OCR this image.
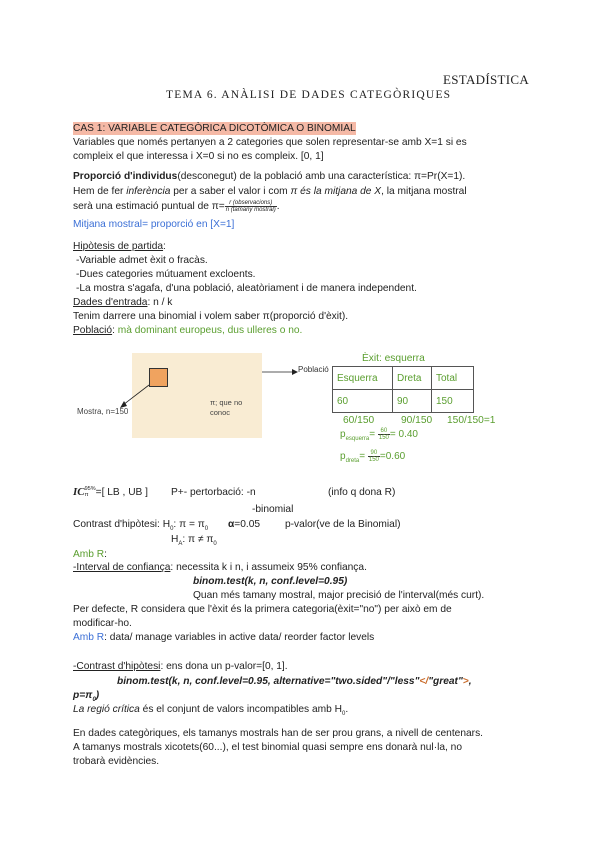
ESTADÍSTICA
TEMA 6. ANÀLISI DE DADES CATEGÒRIQUES
CAS 1: VARIABLE CATEGÒRICA DICOTÒMICA O BINOMIAL
Variables que només pertanyen a 2 categories que solen representar-se amb X=1 si es
compleix el que interessa i X=0 si no es compleix. [0, 1]
Proporció d'individus(desconegut) de la població amb una característica: π=Pr(X=1).
Hem de fer inferència per a saber el valor i com π és la mitjana de X, la mitjana mostral
serà una estimació puntual de $\pi= \frac{\text{r (observacions)}}{\text{n (tamany mostral)}}$ .
Mitjana mostral= proporció en [X=1]
Hipòtesis de partida:
-Variable admet èxit o fracàs.
-Dues categories mútuament excloents.
-La mostra s'agafa, d'una població, aleatòriament i de manera independent.
Dades d'entrada: n / k
Tenim darrere una binomial i volem saber π(proporció d'èxit).
Població: mà dominant europeus, dus ulleres o no.
π; que no
conoc
Població
Mostra, n=150
Èxit: esquerra
Esquerra	Dreta	Total
60	90	150
60/150	90/150 150/150=1
$p_{esquerra}= \frac{60}{150} = 0.40$
$p_{dreta}= \frac{90}{150} =0.60$
IC 95%
π =[ LB , UB ] P+- pertorbació: -n	(info q dona R)
-binomial
Contrast d'hipòtesi: $H_0$: $\pi = \pi_0$ α=0.05 p-valor(ve de la Binomial)
$H_A$: $\pi \ne \pi_0$
Amb R:
-Interval de confiança: necessita k i n, i assumeix 95% confiança.
binom.test(k, n, conf.level=0.95)
Quan més tamany mostral, major precisió de l'interval(més curt).
Per defecte, R considera que l'èxit és la primera categoria(èxit="no") per això em de
modificar-ho.
Amb R: data/ manage variables in active data/ reorder factor levels
-Contrast d'hipòtesi: ens dona un p-valor=[0, 1].
binom.test(k, n, conf.level=0.95, alternative="two.sided"/"less"</"great">,
$p=\pi_0$)
La regió crítica és el conjunt de valors incompatibles amb $H_0$.
En dades categòriques, els tamanys mostrals han de ser prou grans, a nivell de centenars.
A tamanys mostrals xicotets(60...), el test binomial quasi sempre ens donarà nul·la, no
trobarà evidències.
